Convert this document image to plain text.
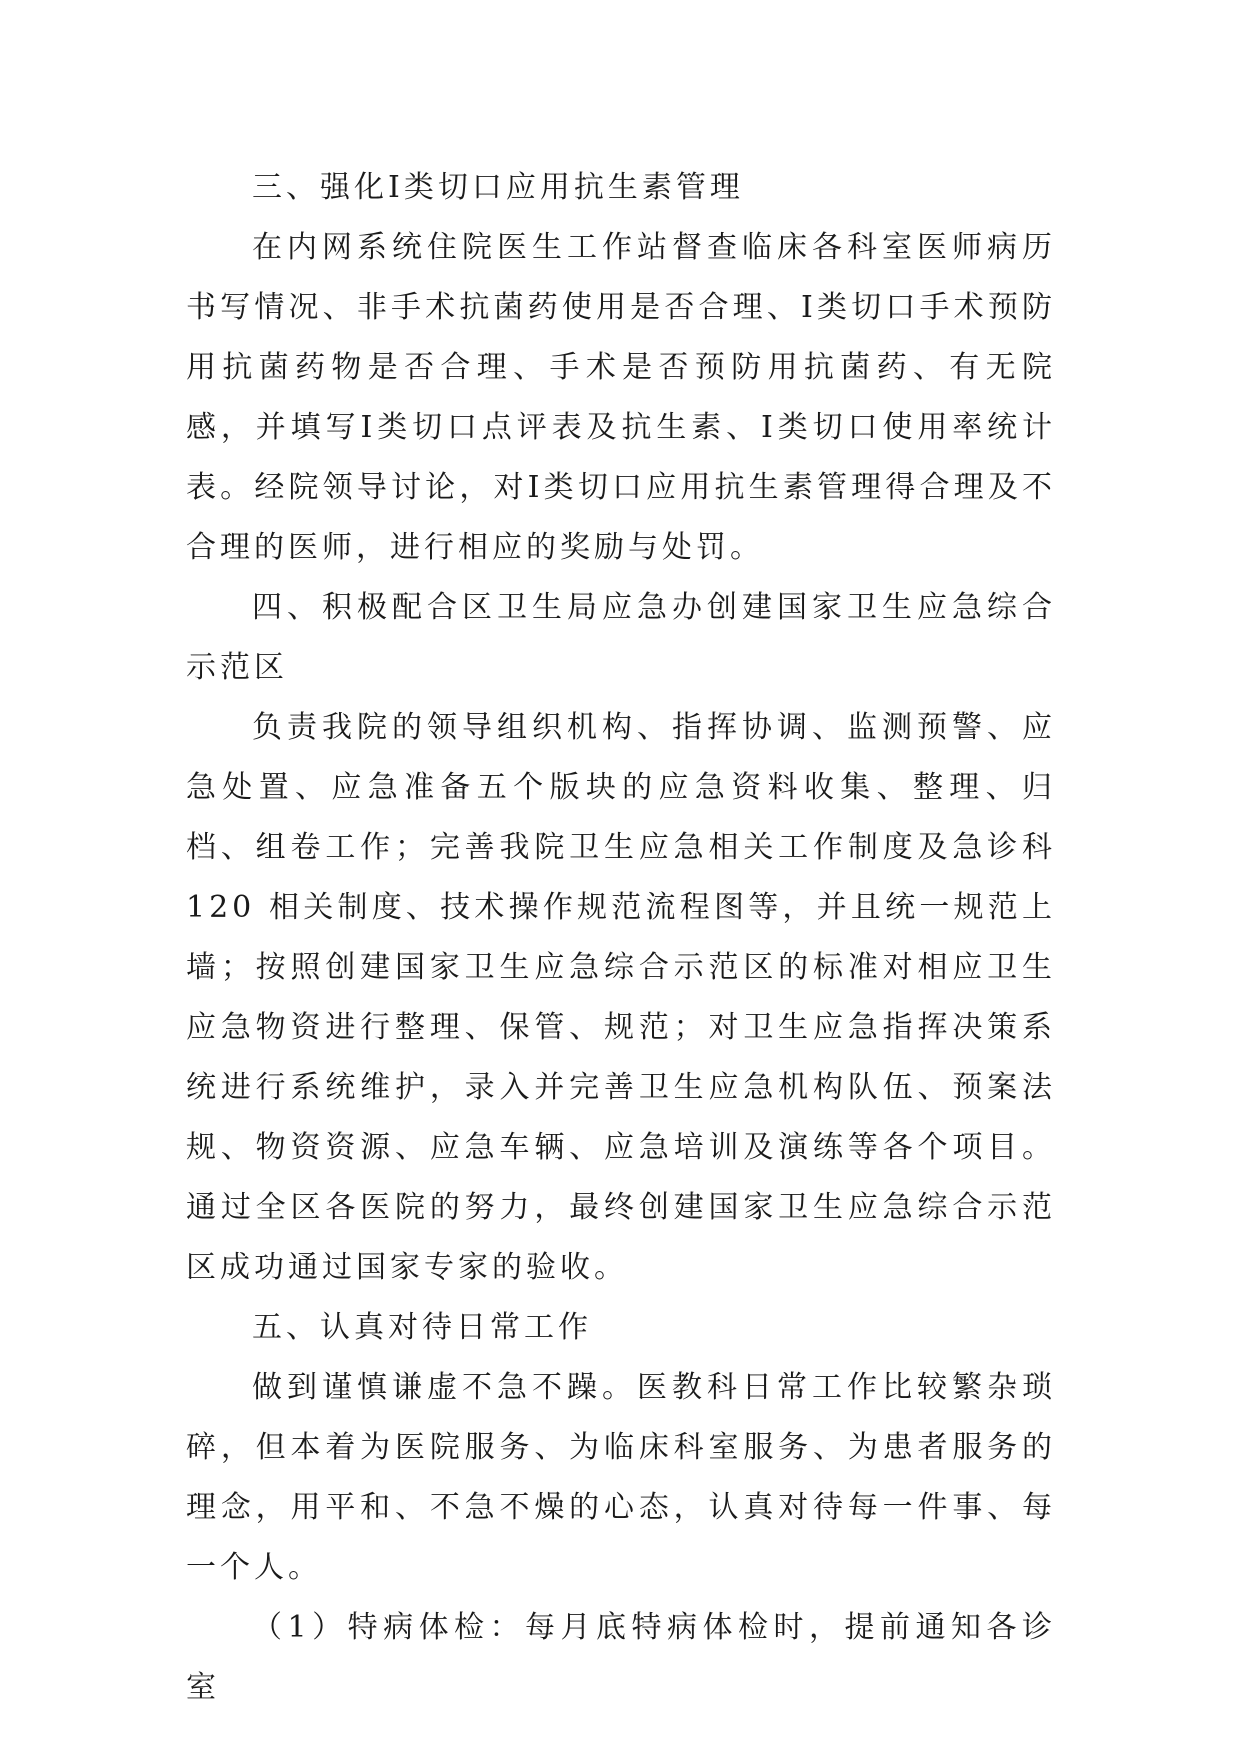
三、强化Ⅰ类切口应用抗生素管理

在内网系统住院医生工作站督查临床各科室医师病历书写情况、非手术抗菌药使用是否合理、Ⅰ类切口手术预防用抗菌药物是否合理、手术是否预防用抗菌药、有无院感，并填写Ⅰ类切口点评表及抗生素、Ⅰ类切口使用率统计表。经院领导讨论，对Ⅰ类切口应用抗生素管理得合理及不合理的医师，进行相应的奖励与处罚。

四、积极配合区卫生局应急办创建国家卫生应急综合示范区

负责我院的领导组织机构、指挥协调、监测预警、应急处置、应急准备五个版块的应急资料收集、整理、归档、组卷工作；完善我院卫生应急相关工作制度及急诊科 120 相关制度、技术操作规范流程图等，并且统一规范上墙；按照创建国家卫生应急综合示范区的标准对相应卫生应急物资进行整理、保管、规范；对卫生应急指挥决策系统进行系统维护，录入并完善卫生应急机构队伍、预案法规、物资资源、应急车辆、应急培训及演练等各个项目。通过全区各医院的努力，最终创建国家卫生应急综合示范区成功通过国家专家的验收。

五、认真对待日常工作

做到谨慎谦虚不急不躁。医教科日常工作比较繁杂琐碎，但本着为医院服务、为临床科室服务、为患者服务的理念，用平和、不急不燥的心态，认真对待每一件事、每一个人。

（1）特病体检：每月底特病体检时，提前通知各诊室
